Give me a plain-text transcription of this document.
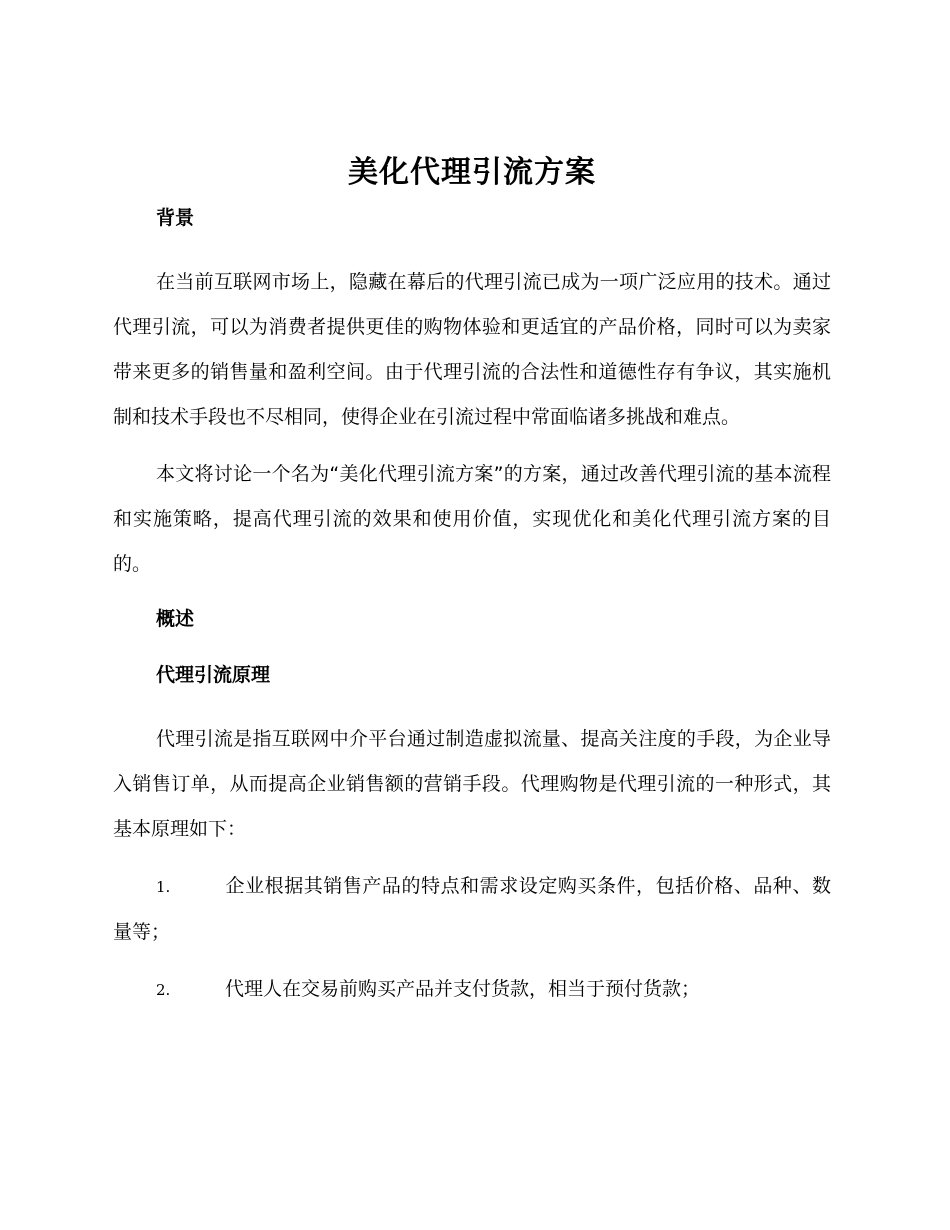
美化代理引流方案
背景

在当前互联网市场上，隐藏在幕后的代理引流已成为一项广泛应用的技术。通过代理引流，可以为消费者提供更佳的购物体验和更适宜的产品价格，同时可以为卖家带来更多的销售量和盈利空间。由于代理引流的合法性和道德性存有争议，其实施机制和技术手段也不尽相同，使得企业在引流过程中常面临诸多挑战和难点。

本文将讨论一个名为“美化代理引流方案”的方案，通过改善代理引流的基本流程和实施策略，提高代理引流的效果和使用价值，实现优化和美化代理引流方案的目的。

概述
代理引流原理

代理引流是指互联网中介平台通过制造虚拟流量、提高关注度的手段，为企业导入销售订单，从而提高企业销售额的营销手段。代理购物是代理引流的一种形式，其基本原理如下：

1.	企业根据其销售产品的特点和需求设定购买条件，包括价格、品种、数量等；

2.	代理人在交易前购买产品并支付货款，相当于预付货款；
